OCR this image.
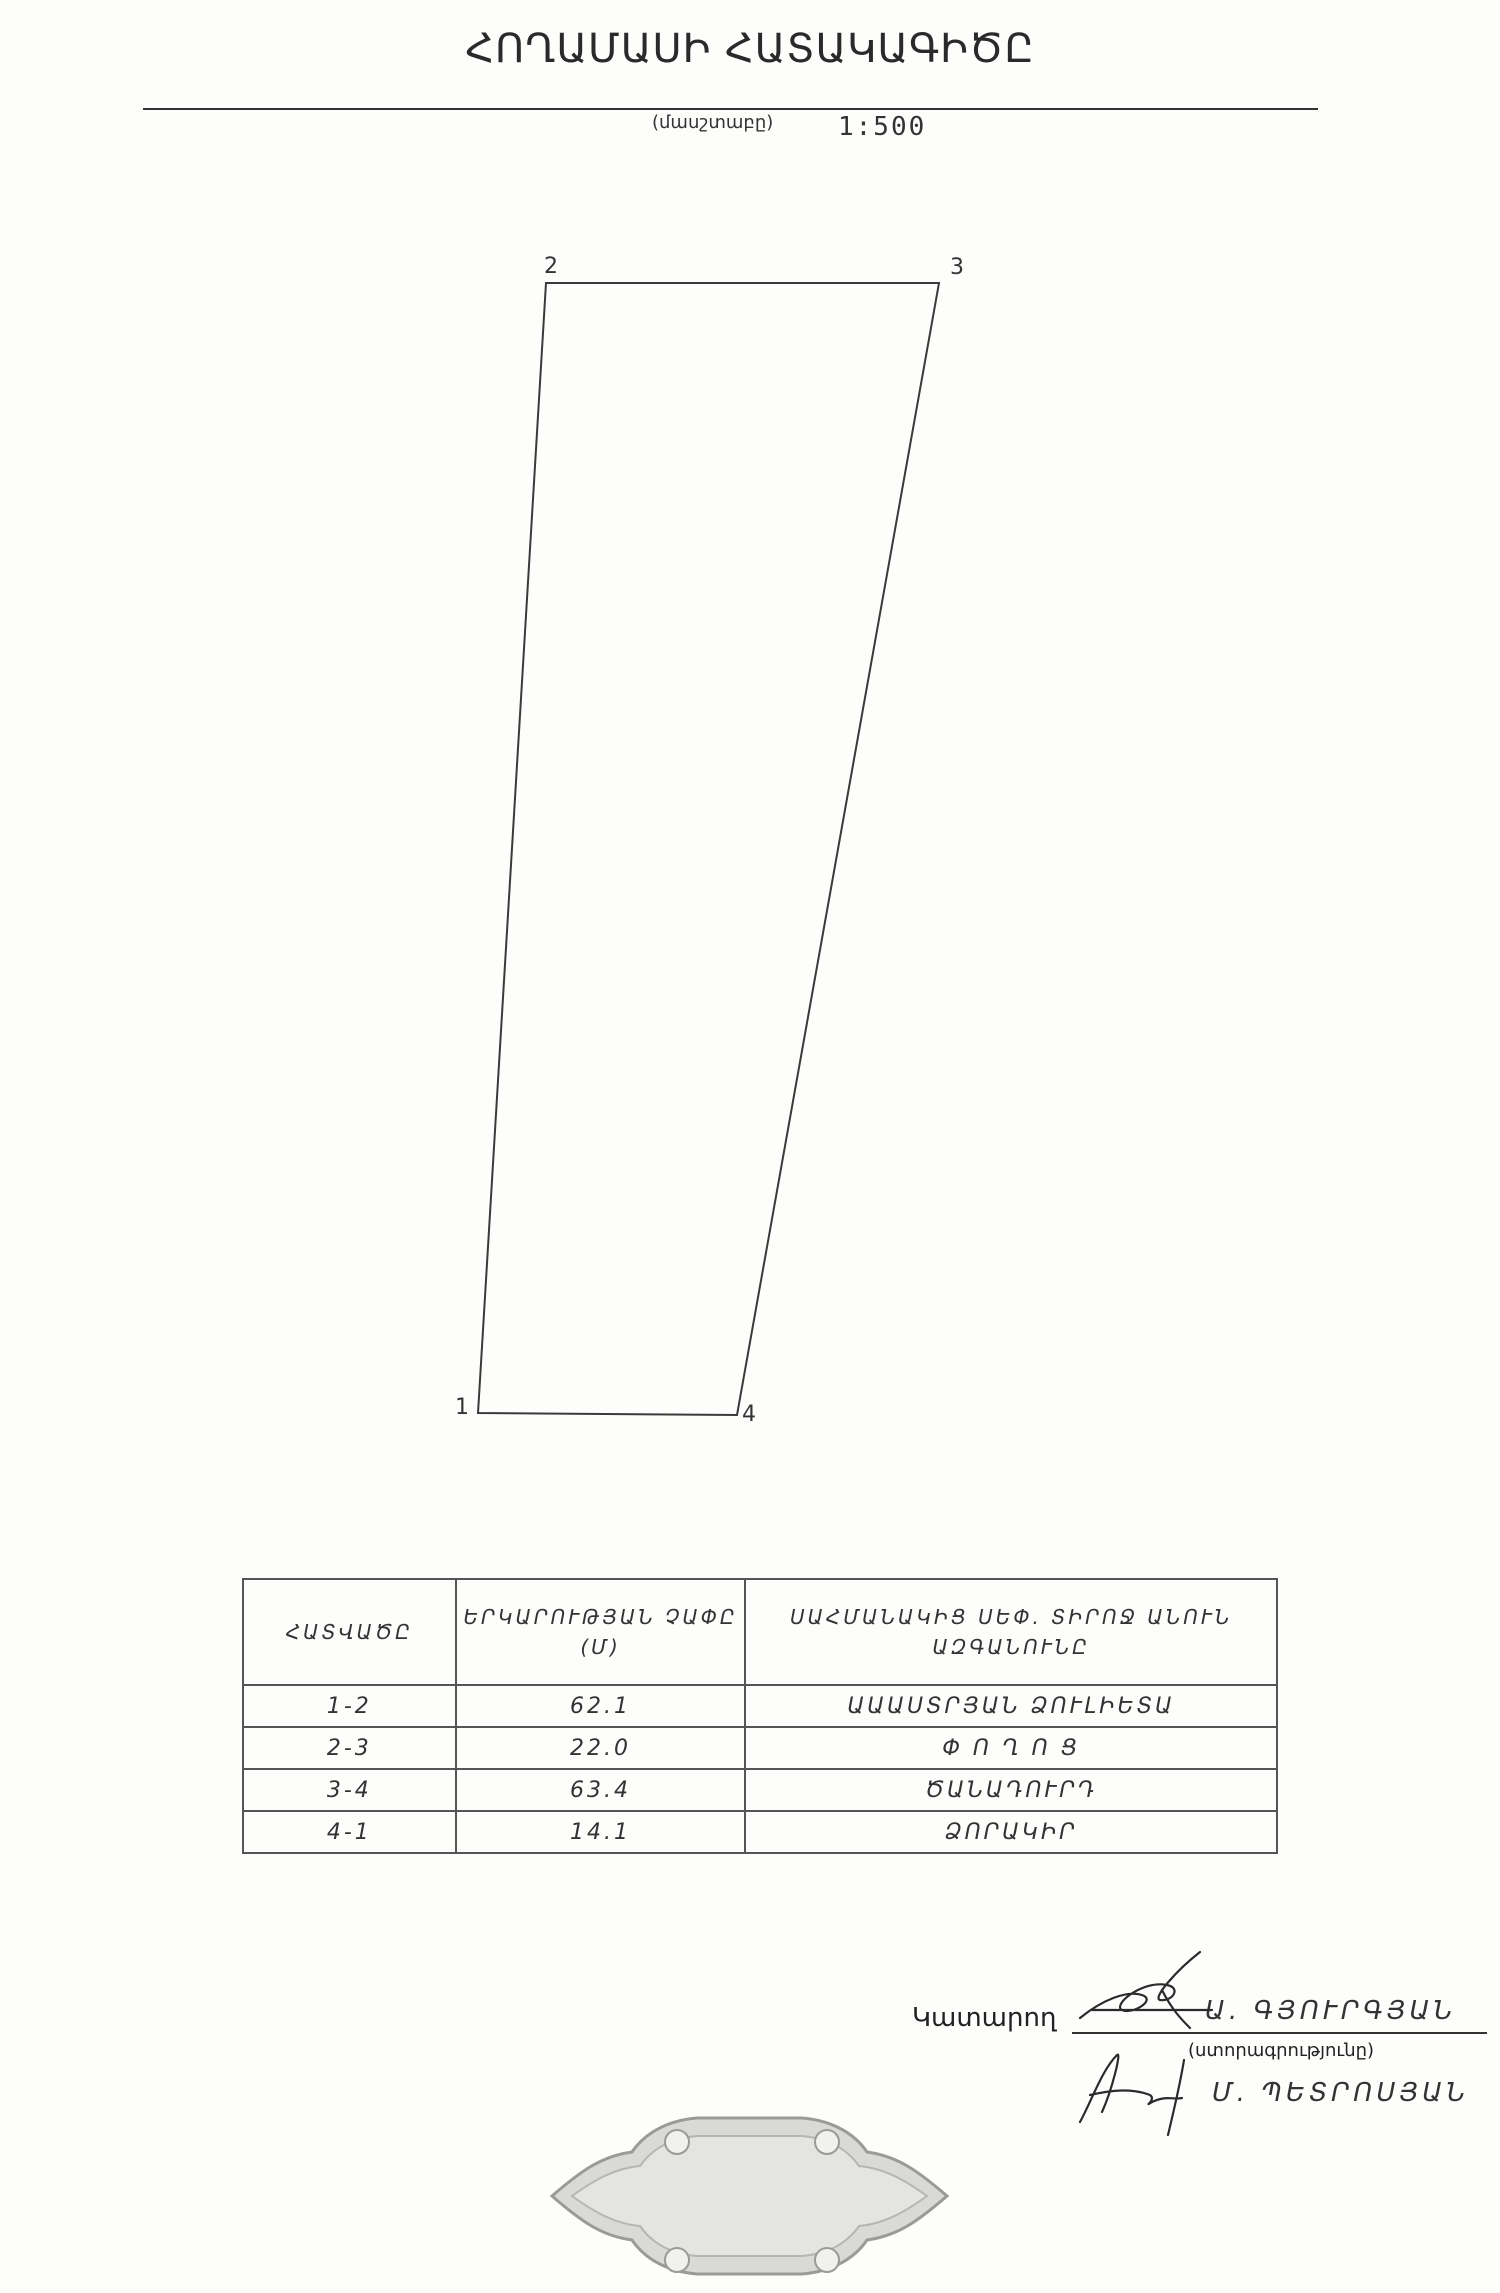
ՀՈՂԱՄԱՍԻ ՀԱՏԱԿԱԳԻԾԸ
(մասշտաբը) 1:500
1
2	3
4
ՀԱՏՎԱԾԸ	ԵՐԿԱՐՈՒԹՅԱՆ ՉԱՓԸ (Մ)	ՍԱՀՄԱՆԱԿԻՑ ՍԵՓ. ՏԻՐՈՋ ԱՆՈՒՆ ԱԶԳԱՆՈՒՆԸ
1-2	62.1	ԱԱԱՍՏՐՅԱՆ ՁՈՒԼԻԵՏԱ
2-3	22.0	Փ Ո Ղ Ո Ց
3-4	63.4	ԾԱՆԱԴՈՒՐԴ
4-1	14.1	ՁՈՐԱԿԻՐ
Կատարող	Ա. ԳՅՈՒՐԳՅԱՆ
(ստորագրությունը)
Մ. ՊԵՏՐՈՍՅԱՆ
